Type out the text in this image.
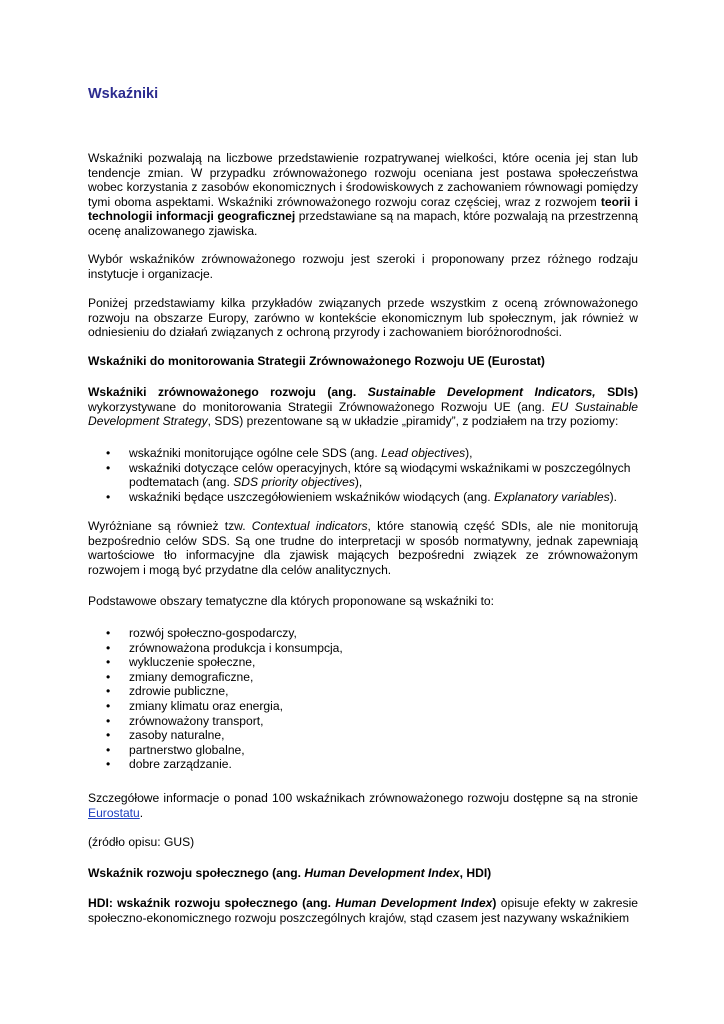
Wskaźniki

Wskaźniki pozwalają na liczbowe przedstawienie rozpatrywanej wielkości, które ocenia jej stan lub tendencje zmian. W przypadku zrównoważonego rozwoju oceniana jest postawa społeczeństwa wobec korzystania z zasobów ekonomicznych i środowiskowych z zachowaniem równowagi pomiędzy tymi oboma aspektami. Wskaźniki zrównoważonego rozwoju coraz częściej, wraz z rozwojem teorii i technologii informacji geograficznej przedstawiane są na mapach, które pozwalają na przestrzenną ocenę analizowanego zjawiska.

Wybór wskaźników zrównoważonego rozwoju jest szeroki i proponowany przez różnego rodzaju instytucje i organizacje.

Poniżej przedstawiamy kilka przykładów związanych przede wszystkim z oceną zrównoważonego rozwoju na obszarze Europy, zarówno w kontekście ekonomicznym lub społecznym, jak również w odniesieniu do działań związanych z ochroną przyrody i zachowaniem bioróżnorodności.

Wskaźniki do monitorowania Strategii Zrównoważonego Rozwoju UE (Eurostat)

Wskaźniki zrównoważonego rozwoju (ang. Sustainable Development Indicators, SDIs) wykorzystywane do monitorowania Strategii Zrównoważonego Rozwoju UE (ang. EU Sustainable Development Strategy, SDS) prezentowane są w układzie „piramidy”, z podziałem na trzy poziomy:

• wskaźniki monitorujące ogólne cele SDS (ang. Lead objectives),
• wskaźniki dotyczące celów operacyjnych, które są wiodącymi wskaźnikami w poszczególnych podtematach (ang. SDS priority objectives),
• wskaźniki będące uszczegółowieniem wskaźników wiodących (ang. Explanatory variables).

Wyróżniane są również tzw. Contextual indicators, które stanowią część SDIs, ale nie monitorują bezpośrednio celów SDS. Są one trudne do interpretacji w sposób normatywny, jednak zapewniają wartościowe tło informacyjne dla zjawisk mających bezpośredni związek ze zrównoważonym rozwojem i mogą być przydatne dla celów analitycznych.

Podstawowe obszary tematyczne dla których proponowane są wskaźniki to:

• rozwój społeczno-gospodarczy,
• zrównoważona produkcja i konsumpcja,
• wykluczenie społeczne,
• zmiany demograficzne,
• zdrowie publiczne,
• zmiany klimatu oraz energia,
• zrównoważony transport,
• zasoby naturalne,
• partnerstwo globalne,
• dobre zarządzanie.

Szczegółowe informacje o ponad 100 wskaźnikach zrównoważonego rozwoju dostępne są na stronie Eurostatu.

(źródło opisu: GUS)

Wskaźnik rozwoju społecznego (ang. Human Development Index, HDI)

HDI: wskaźnik rozwoju społecznego (ang. Human Development Index) opisuje efekty w zakresie społeczno-ekonomicznego rozwoju poszczególnych krajów, stąd czasem jest nazywany wskaźnikiem
